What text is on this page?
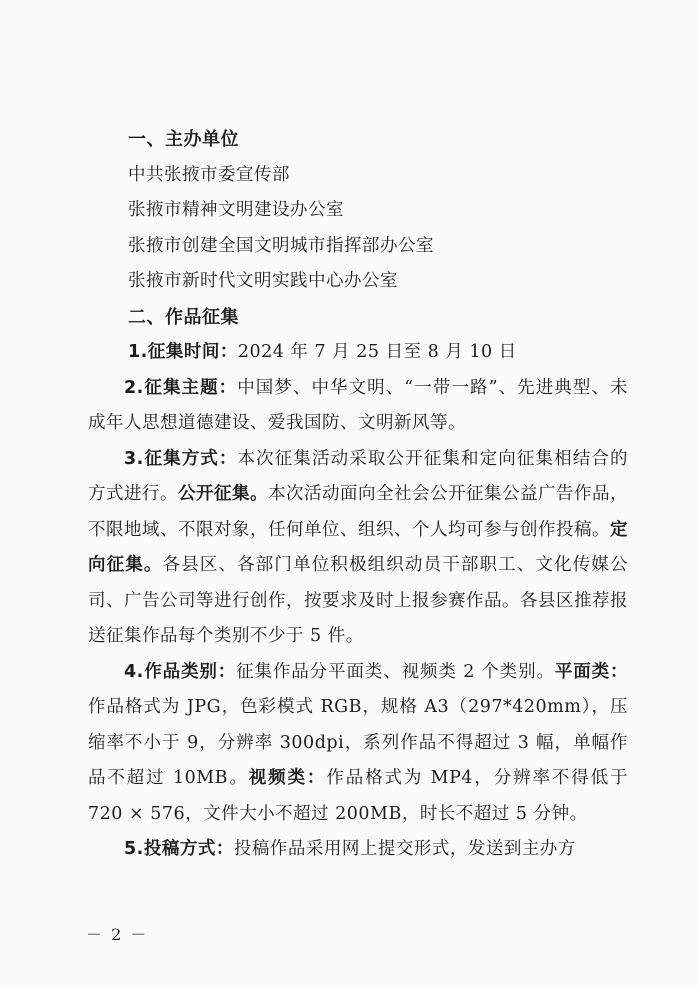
一、主办单位
中共张掖市委宣传部
张掖市精神文明建设办公室
张掖市创建全国文明城市指挥部办公室
张掖市新时代文明实践中心办公室
二、作品征集
1.征集时间：2024 年 7 月 25 日至 8 月 10 日

2.征集主题：中国梦、中华文明、“一带一路”、先进典型、未成年人思想道德建设、爱我国防、文明新风等。

3.征集方式：本次征集活动采取公开征集和定向征集相结合的方式进行。公开征集。本次活动面向全社会公开征集公益广告作品，不限地域、不限对象，任何单位、组织、个人均可参与创作投稿。定向征集。各县区、各部门单位积极组织动员干部职工、文化传媒公司、广告公司等进行创作，按要求及时上报参赛作品。各县区推荐报送征集作品每个类别不少于 5 件。

4.作品类别：征集作品分平面类、视频类 2 个类别。平面类：作品格式为 JPG，色彩模式 RGB，规格 A3（297*420mm），压缩率不小于 9，分辨率 300dpi，系列作品不得超过 3 幅，单幅作品不超过 10MB。视频类：作品格式为 MP4，分辨率不得低于 720 × 576，文件大小不超过 200MB，时长不超过 5 分钟。

5.投稿方式：投稿作品采用网上提交形式，发送到主办方

－ 2 －
